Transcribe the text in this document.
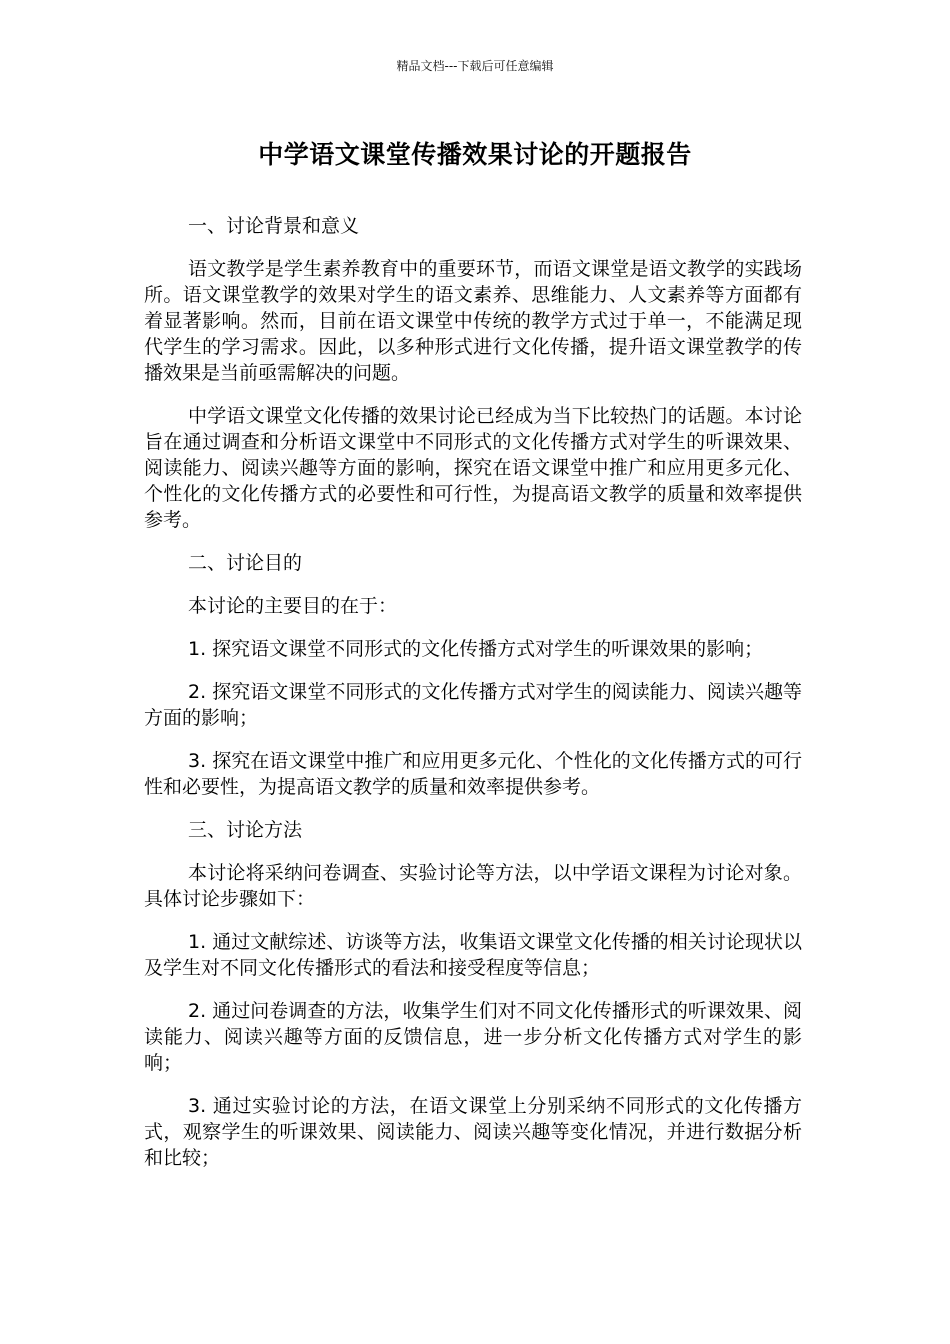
精品文档---下载后可任意编辑
中学语文课堂传播效果讨论的开题报告

一、讨论背景和意义

语文教学是学生素养教育中的重要环节，而语文课堂是语文教学的实践场所。语文课堂教学的效果对学生的语文素养、思维能力、人文素养等方面都有着显著影响。然而，目前在语文课堂中传统的教学方式过于单一，不能满足现代学生的学习需求。因此，以多种形式进行文化传播，提升语文课堂教学的传播效果是当前亟需解决的问题。

中学语文课堂文化传播的效果讨论已经成为当下比较热门的话题。本讨论旨在通过调查和分析语文课堂中不同形式的文化传播方式对学生的听课效果、阅读能力、阅读兴趣等方面的影响，探究在语文课堂中推广和应用更多元化、个性化的文化传播方式的必要性和可行性，为提高语文教学的质量和效率提供参考。

二、讨论目的

本讨论的主要目的在于：

1. 探究语文课堂不同形式的文化传播方式对学生的听课效果的影响；

2. 探究语文课堂不同形式的文化传播方式对学生的阅读能力、阅读兴趣等方面的影响；

3. 探究在语文课堂中推广和应用更多元化、个性化的文化传播方式的可行性和必要性，为提高语文教学的质量和效率提供参考。

三、讨论方法

本讨论将采纳问卷调查、实验讨论等方法，以中学语文课程为讨论对象。具体讨论步骤如下：

1. 通过文献综述、访谈等方法，收集语文课堂文化传播的相关讨论现状以及学生对不同文化传播形式的看法和接受程度等信息；

2. 通过问卷调查的方法，收集学生们对不同文化传播形式的听课效果、阅读能力、阅读兴趣等方面的反馈信息，进一步分析文化传播方式对学生的影响；

3. 通过实验讨论的方法，在语文课堂上分别采纳不同形式的文化传播方式，观察学生的听课效果、阅读能力、阅读兴趣等变化情况，并进行数据分析和比较；
